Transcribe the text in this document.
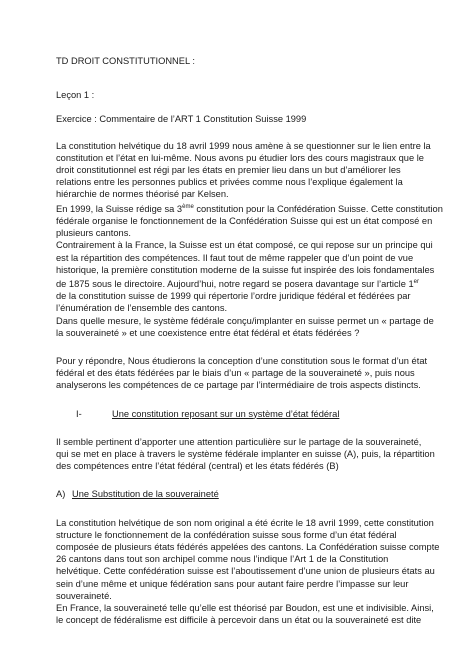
TD DROIT CONSTITUTIONNEL :
Leçon 1 :
Exercice : Commentaire de l’ART 1 Constitution Suisse 1999
La constitution helvétique du 18 avril 1999 nous amène à se questionner sur le lien entre la
constitution et l’état en lui-même. Nous avons pu étudier lors des cours magistraux que le
droit constitutionnel est régi par les états en premier lieu dans un but d’améliorer les
relations entre les personnes publics et privées comme nous l’explique également la
hiérarchie de normes théorisé par Kelsen.
En 1999, la Suisse rédige sa 3ème constitution pour la Confédération Suisse. Cette constitution
fédérale organise le fonctionnement de la Confédération Suisse qui est un état composé en
plusieurs cantons.
Contrairement à la France, la Suisse est un état composé, ce qui repose sur un principe qui
est la répartition des compétences. Il faut tout de même rappeler que d’un point de vue
historique, la première constitution moderne de la suisse fut inspirée des lois fondamentales
de 1875 sous le directoire. Aujourd’hui, notre regard se posera davantage sur l’article 1er
de la constitution suisse de 1999 qui répertorie l’ordre juridique fédéral et fédérées par
l’énumération de l’ensemble des cantons.
Dans quelle mesure, le système fédérale conçu/implanter en suisse permet un « partage de
la souveraineté » et une coexistence entre état fédéral et états fédérées ?
Pour y répondre, Nous étudierons la conception d’une constitution sous le format d’un état
fédéral et des états fédérées par le biais d’un « partage de la souveraineté », puis nous
analyserons les compétences de ce partage par l’intermédiaire de trois aspects distincts.
I-	Une constitution reposant sur un système d’état fédéral
Il semble pertinent d’apporter une attention particulière sur le partage de la souveraineté,
qui se met en place à travers le système fédérale implanter en suisse (A), puis, la répartition
des compétences entre l’état fédéral (central) et les états fédérés (B)
A) Une Substitution de la souveraineté
La constitution helvétique de son nom original a été écrite le 18 avril 1999, cette constitution
structure le fonctionnement de la confédération suisse sous forme d’un état fédéral
composée de plusieurs états fédérés appelées des cantons. La Confédération suisse compte
26 cantons dans tout son archipel comme nous l’indique l’Art 1 de la Constitution
helvétique. Cette confédération suisse est l’aboutissement d’une union de plusieurs états au
sein d’une même et unique fédération sans pour autant faire perdre l’impasse sur leur
souveraineté.
En France, la souveraineté telle qu’elle est théorisé par Boudon, est une et indivisible. Ainsi,
le concept de fédéralisme est difficile à percevoir dans un état ou la souveraineté est dite
